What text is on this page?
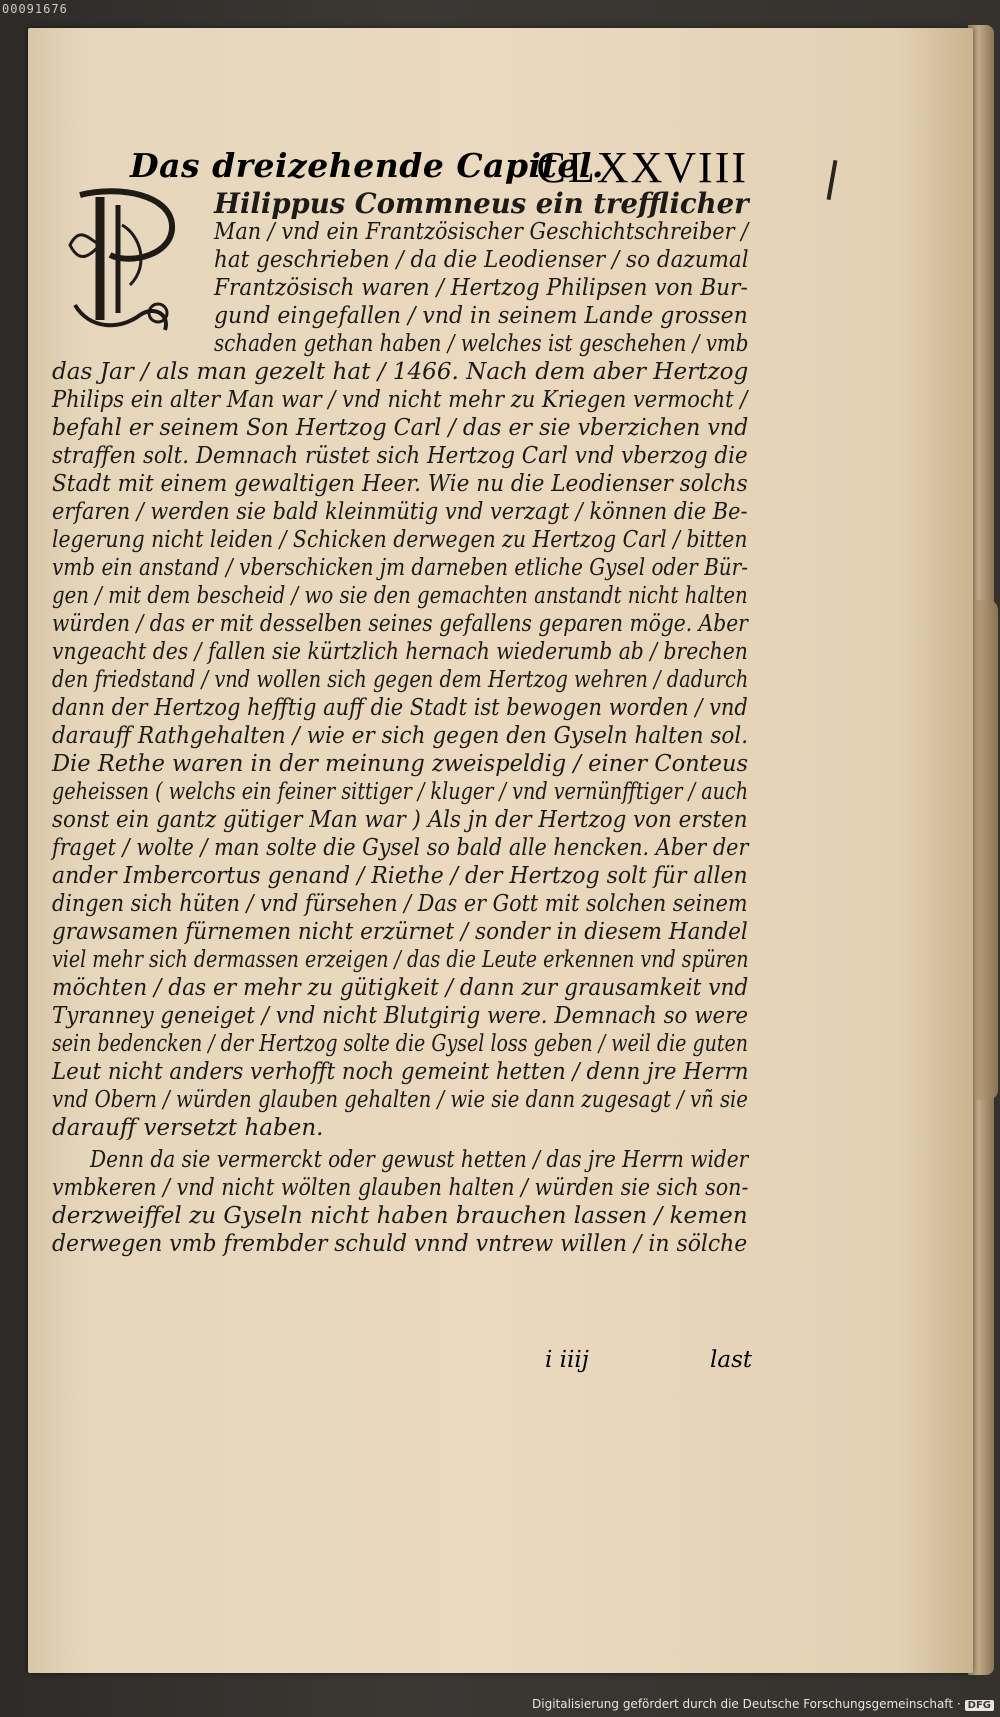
00091676
Das dreizehende Capitel.
CLXXVIII
Hilippus Commneus ein trefflicher
Man / vnd ein Frantzösischer Geschichtschreiber /
hat geschrieben / da die Leodienser / so dazumal
Frantzösisch waren / Hertzog Philipsen von Bur-
gund eingefallen / vnd in seinem Lande grossen
schaden gethan haben / welches ist geschehen / vmb
das Jar / als man gezelt hat / 1466. Nach dem aber Hertzog
Philips ein alter Man war / vnd nicht mehr zu Kriegen vermocht /
befahl er seinem Son Hertzog Carl / das er sie vberzichen vnd
straffen solt. Demnach rüstet sich Hertzog Carl vnd vberzog die
Stadt mit einem gewaltigen Heer. Wie nu die Leodienser solchs
erfaren / werden sie bald kleinmütig vnd verzagt / können die Be-
legerung nicht leiden / Schicken derwegen zu Hertzog Carl / bitten
vmb ein anstand / vberschicken jm darneben etliche Gysel oder Bür-
gen / mit dem bescheid / wo sie den gemachten anstandt nicht halten
würden / das er mit desselben seines gefallens geparen möge. Aber
vngeacht des / fallen sie kürtzlich hernach wiederumb ab / brechen
den friedstand / vnd wollen sich gegen dem Hertzog wehren / dadurch
dann der Hertzog hefftig auff die Stadt ist bewogen worden / vnd
darauff Rathgehalten / wie er sich gegen den Gyseln halten sol.
Die Rethe waren in der meinung zweispeldig / einer Conteus
geheissen ( welchs ein feiner sittiger / kluger / vnd vernünfftiger / auch
sonst ein gantz gütiger Man war ) Als jn der Hertzog von ersten
fraget / wolte / man solte die Gysel so bald alle hencken. Aber der
ander Imbercortus genand / Riethe / der Hertzog solt für allen
dingen sich hüten / vnd fürsehen / Das er Gott mit solchen seinem
grawsamen fürnemen nicht erzürnet / sonder in diesem Handel
viel mehr sich dermassen erzeigen / das die Leute erkennen vnd spüren
möchten / das er mehr zu gütigkeit / dann zur grausamkeit vnd
Tyranney geneiget / vnd nicht Blutgirig were. Demnach so were
sein bedencken / der Hertzog solte die Gysel loss geben / weil die guten
Leut nicht anders verhofft noch gemeint hetten / denn jre Herrn
vnd Obern / würden glauben gehalten / wie sie dann zugesagt / vñ sie
darauff versetzt haben.
Denn da sie vermerckt oder gewust hetten / das jre Herrn wider
vmbkeren / vnd nicht wölten glauben halten / würden sie sich son-
derzweiffel zu Gyseln nicht haben brauchen lassen / kemen
derwegen vmb frembder schuld vnnd vntrew willen / in sölche
i iiij	last
Digitalisierung gefördert durch die Deutsche Forschungsgemeinschaft · DFG
